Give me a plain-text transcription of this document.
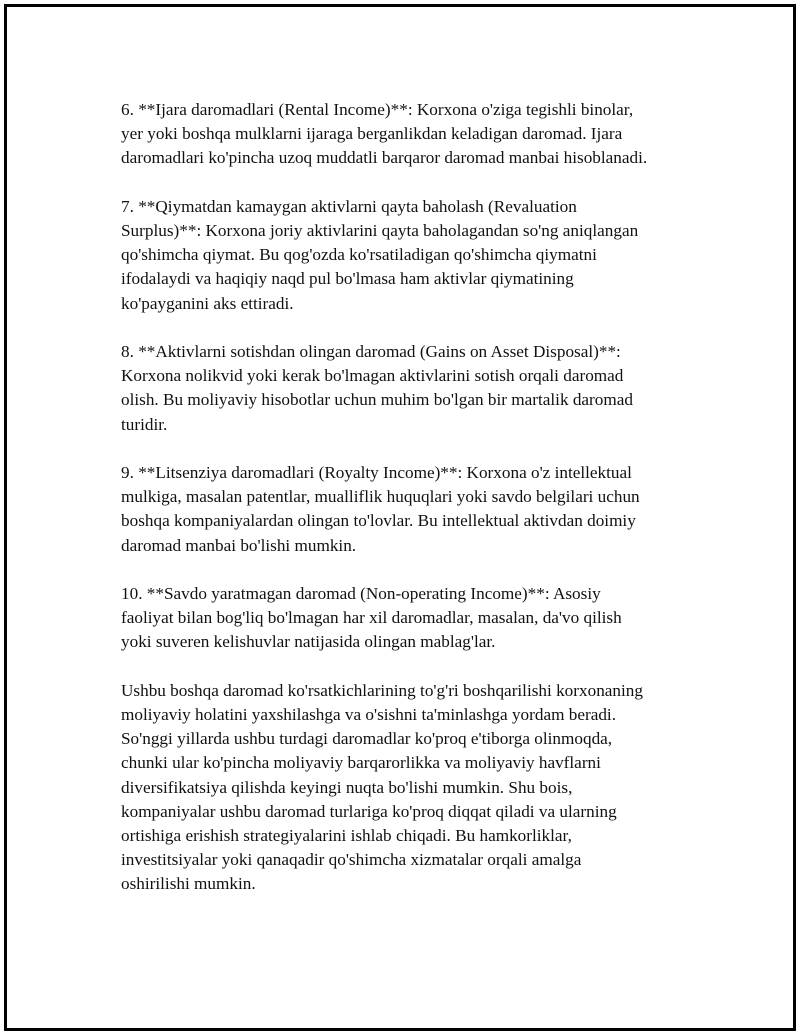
6. **Ijara daromadlari (Rental Income)**: Korxona o'ziga tegishli binolar,
yer yoki boshqa mulklarni ijaraga berganlikdan keladigan daromad. Ijara
daromadlari ko'pincha uzoq muddatli barqaror daromad manbai hisoblanadi.

7. **Qiymatdan kamaygan aktivlarni qayta baholash (Revaluation
Surplus)**: Korxona joriy aktivlarini qayta baholagandan so'ng aniqlangan
qo'shimcha qiymat. Bu qog'ozda ko'rsatiladigan qo'shimcha qiymatni
ifodalaydi va haqiqiy naqd pul bo'lmasa ham aktivlar qiymatining
ko'payganini aks ettiradi.

8. **Aktivlarni sotishdan olingan daromad (Gains on Asset Disposal)**:
Korxona nolikvid yoki kerak bo'lmagan aktivlarini sotish orqali daromad
olish. Bu moliyaviy hisobotlar uchun muhim bo'lgan bir martalik daromad
turidir.

9. **Litsenziya daromadlari (Royalty Income)**: Korxona o'z intellektual
mulkiga, masalan patentlar, mualliflik huquqlari yoki savdo belgilari uchun
boshqa kompaniyalardan olingan to'lovlar. Bu intellektual aktivdan doimiy
daromad manbai bo'lishi mumkin.

10. **Savdo yaratmagan daromad (Non-operating Income)**: Asosiy
faoliyat bilan bog'liq bo'lmagan har xil daromadlar, masalan, da'vo qilish
yoki suveren kelishuvlar natijasida olingan mablag'lar.

Ushbu boshqa daromad ko'rsatkichlarining to'g'ri boshqarilishi korxonaning
moliyaviy holatini yaxshilashga va o'sishni ta'minlashga yordam beradi.
So'nggi yillarda ushbu turdagi daromadlar ko'proq e'tiborga olinmoqda,
chunki ular ko'pincha moliyaviy barqarorlikka va moliyaviy havflarni
diversifikatsiya qilishda keyingi nuqta bo'lishi mumkin. Shu bois,
kompaniyalar ushbu daromad turlariga ko'proq diqqat qiladi va ularning
ortishiga erishish strategiyalarini ishlab chiqadi. Bu hamkorliklar,
investitsiyalar yoki qanaqadir qo'shimcha xizmatalar orqali amalga
oshirilishi mumkin.
